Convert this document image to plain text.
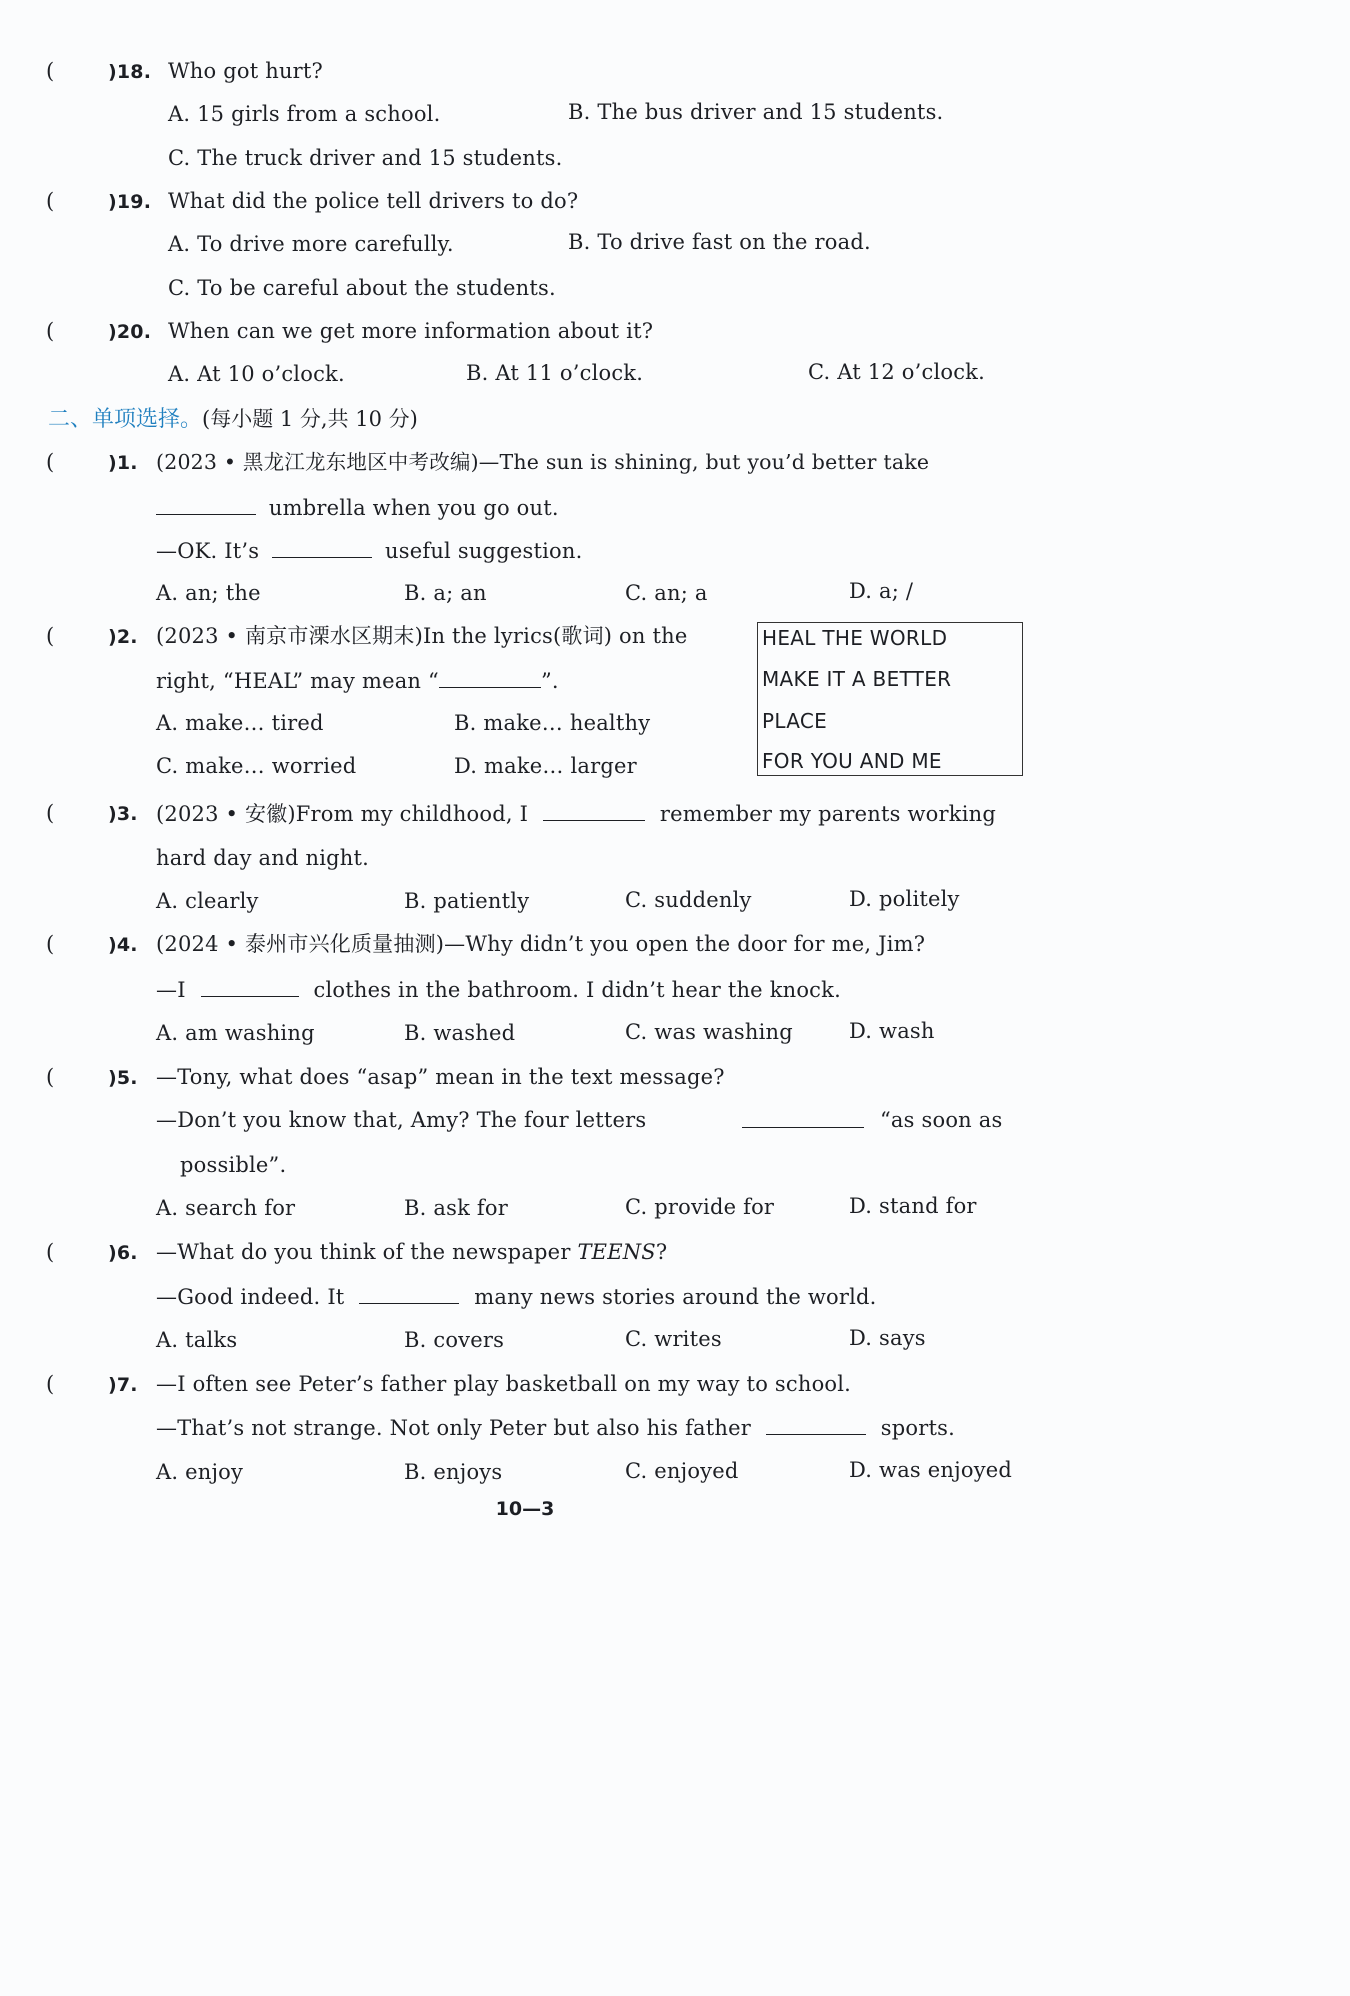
(	)18. Who got hurt?
A. 15 girls from a school.	B. The bus driver and 15 students.
C. The truck driver and 15 students.
(	)19. What did the police tell drivers to do?
A. To drive more carefully.	B. To drive fast on the road.
C. To be careful about the students.
(	)20. When can we get more information about it?
A. At 10 o’clock.	B. At 11 o’clock.	C. At 12 o’clock.
二、单项选择。(每小题 1 分,共 10 分)
(	)1. (2023 • 黑龙江龙东地区中考改编)—The sun is shining, but you’d better take
umbrella when you go out.
—OK. It’s	useful suggestion.
A. an; the	B. a; an	C. an; a	D. a; /
(	)2. (2023 • 南京市溧水区期末)In the lyrics(歌词) on the
right, “HEAL” may mean “	”.
A. make… tired	B. make… healthy
C. make… worried	D. make… larger
HEAL THE WORLD
MAKE IT A BETTER
PLACE
FOR YOU AND ME
(	)3. (2023 • 安徽)From my childhood, I	remember my parents working
hard day and night.
A. clearly	B. patiently	C. suddenly	D. politely
(	)4. (2024 • 泰州市兴化质量抽测)—Why didn’t you open the door for me, Jim?
—I	clothes in the bathroom. I didn’t hear the knock.
A. am washing	B. washed	C. was washing	D. wash
(	)5. —Tony, what does “asap” mean in the text message?
—Don’t you know that, Amy? The four letters	“as soon as
possible”.
A. search for	B. ask for	C. provide for	D. stand for
(	)6. —What do you think of the newspaper TEENS?
—Good indeed. It	many news stories around the world.
A. talks	B. covers	C. writes	D. says
(	)7. —I often see Peter’s father play basketball on my way to school.
—That’s not strange. Not only Peter but also his father	sports.
A. enjoy	B. enjoys	C. enjoyed	D. was enjoyed
10—3
